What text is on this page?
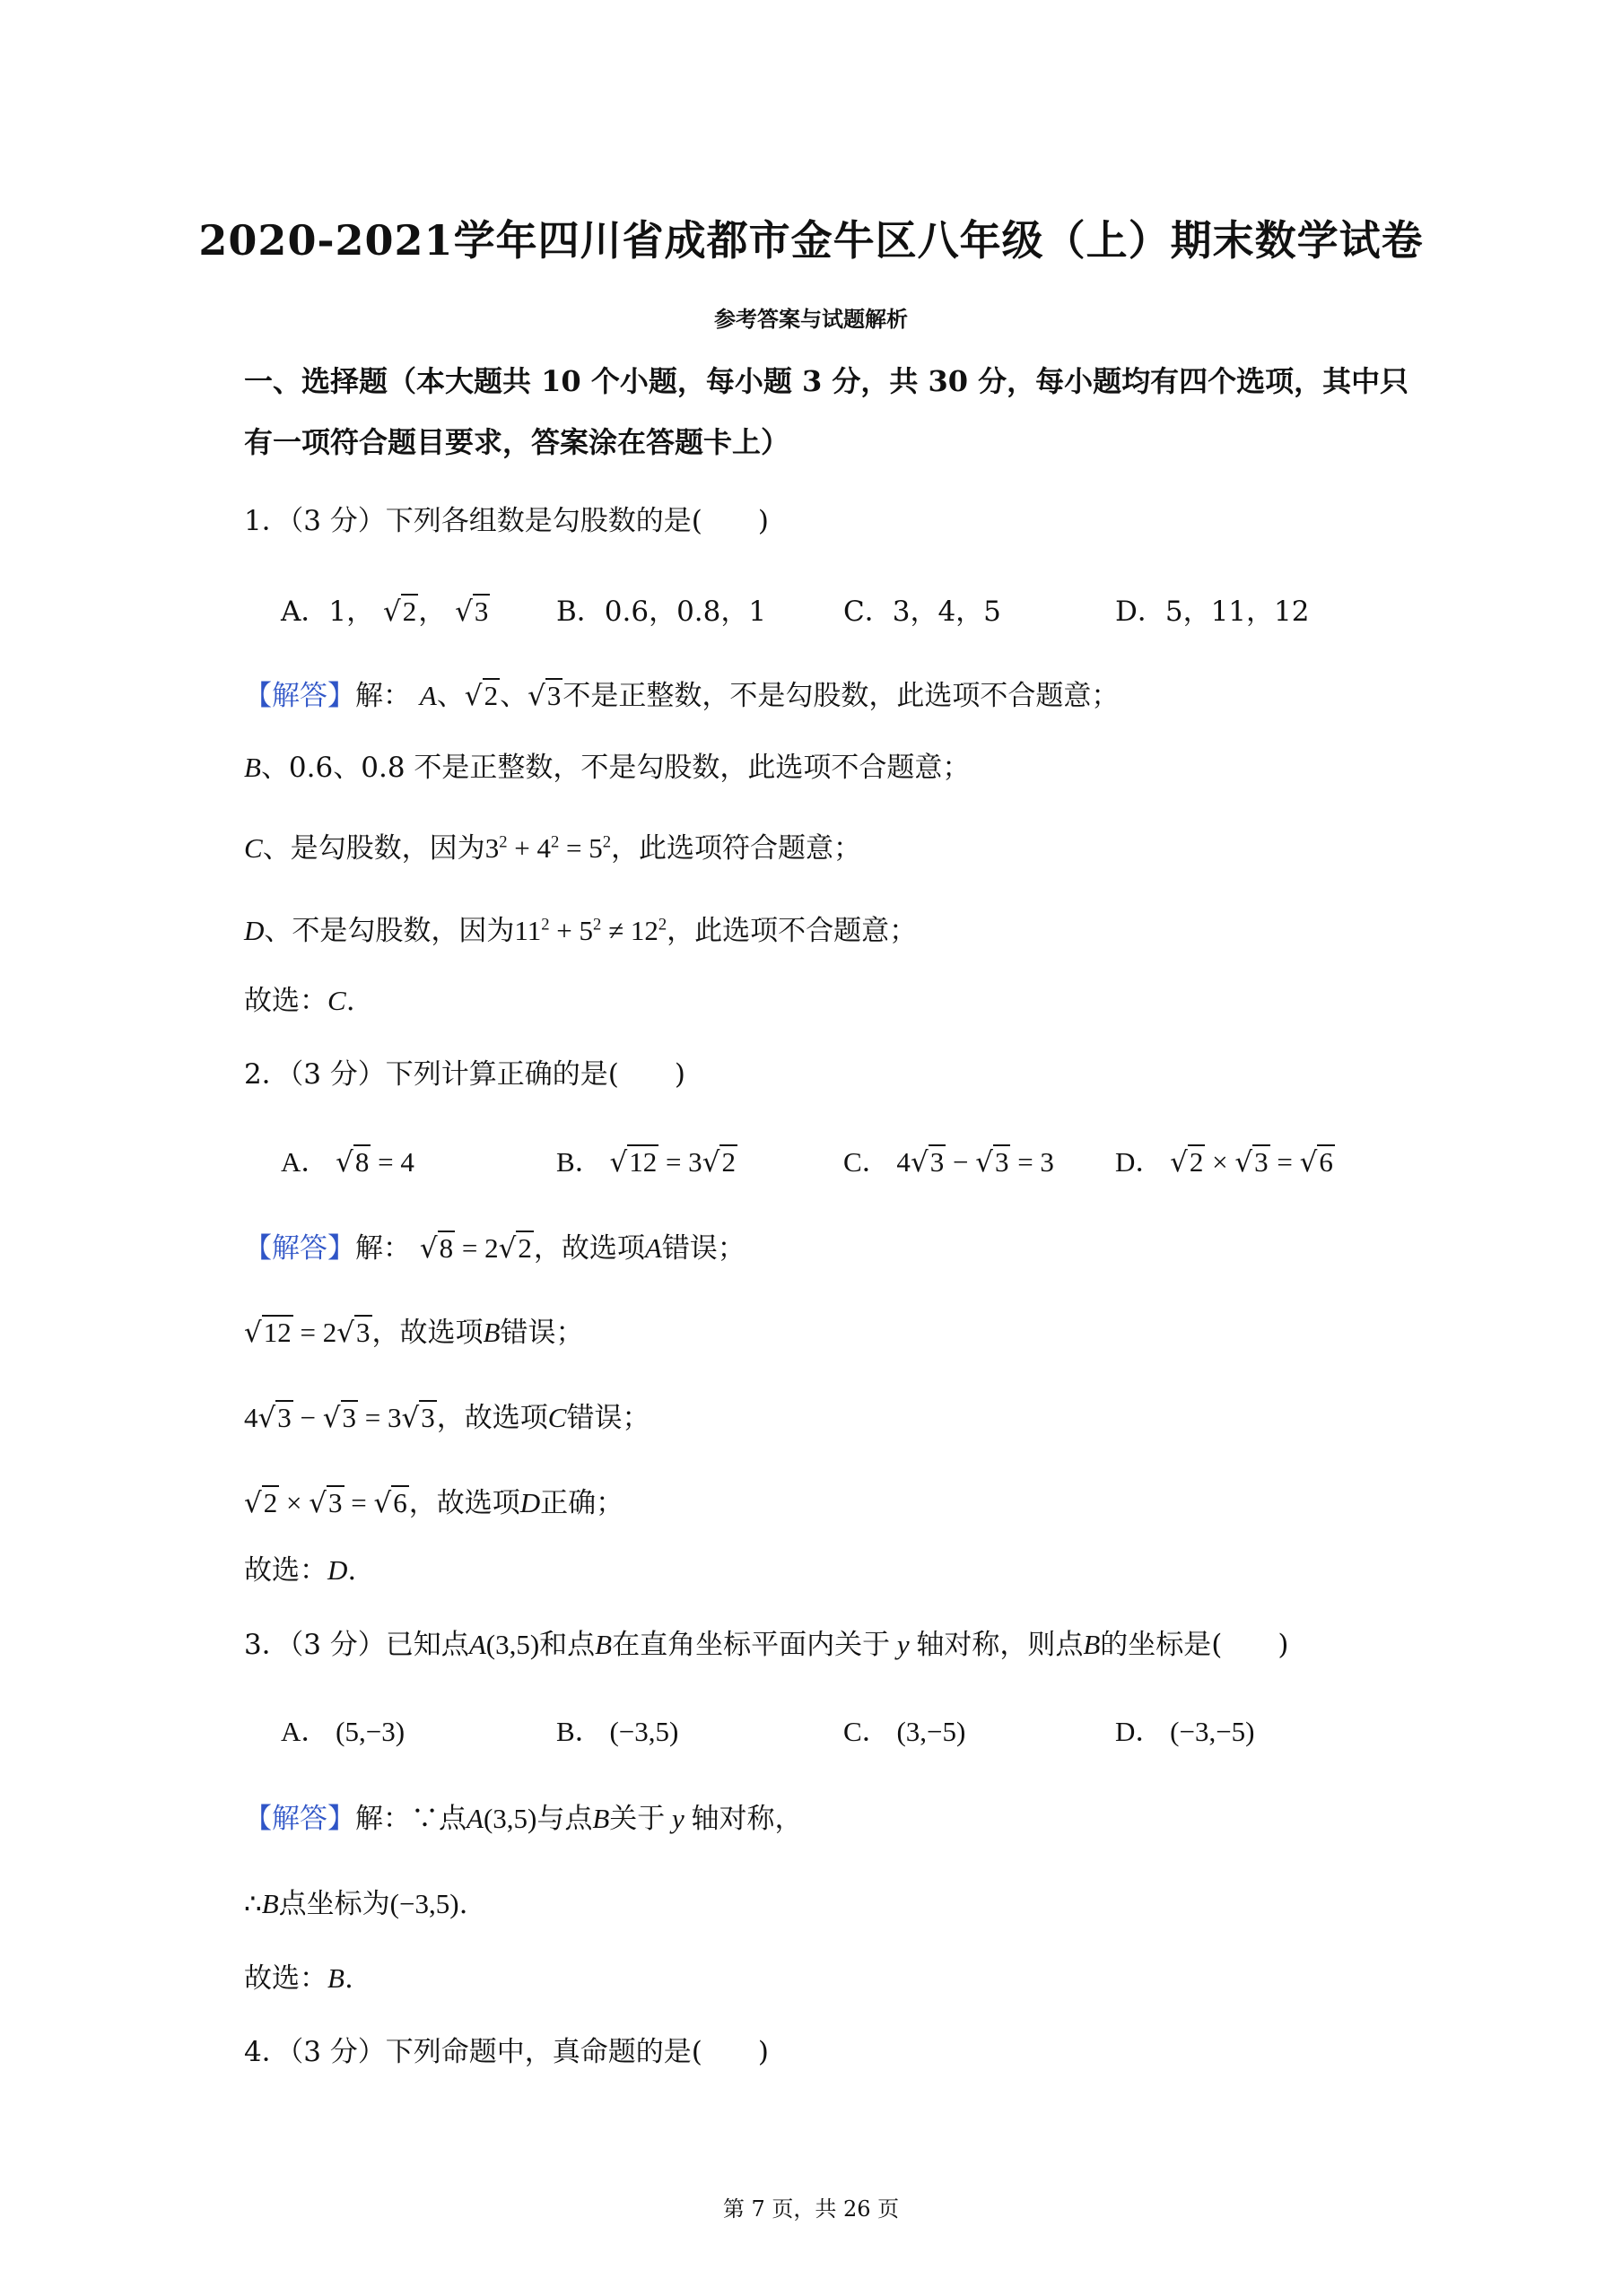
2020-2021学年四川省成都市金牛区八年级（上）期末数学试卷
参考答案与试题解析
一、选择题（本大题共 10 个小题，每小题 3 分，共 30 分，每小题均有四个选项，其中只
有一项符合题目要求，答案涂在答题卡上）
1．（3 分）下列各组数是勾股数的是(　　)
A．1， √2， √3 B．0.6，0.8，1	C．3，4，5	D．5，11，12
【解答】解： A、√2、√3不是正整数，不是勾股数，此选项不合题意；
B、0.6、0.8 不是正整数，不是勾股数，此选项不合题意；
C、是勾股数，因为$3^2 + 4^2 = 5^2$，此选项符合题意；
D、不是勾股数，因为$11^2 + 5^2 \ne 12^2$，此选项不合题意；
故选：C.
2．（3 分）下列计算正确的是(　　)
A． √8 = 4	B． √12 = 3√2	C． 4√3 − √3 = 3 D． √2 × √3 = √6
【解答】解： √8 = 2√2，故选项A错误；
√12 = 2√3，故选项B错误；
4√3 − √3 = 3√3，故选项C错误；
√2 × √3 = √6，故选项D正确；
故选：D.
3．（3 分）已知点A(3,5)和点B在直角坐标平面内关于 y 轴对称，则点B的坐标是(　　)
A． (5,−3)	B． (−3,5)	C． (3,−5)	D． (−3,−5)
【解答】解：∵点A(3,5)与点B关于 y 轴对称，
∴B点坐标为(−3,5).
故选：B.
4．（3 分）下列命题中，真命题的是(　　)
第 7 页，共 26 页
